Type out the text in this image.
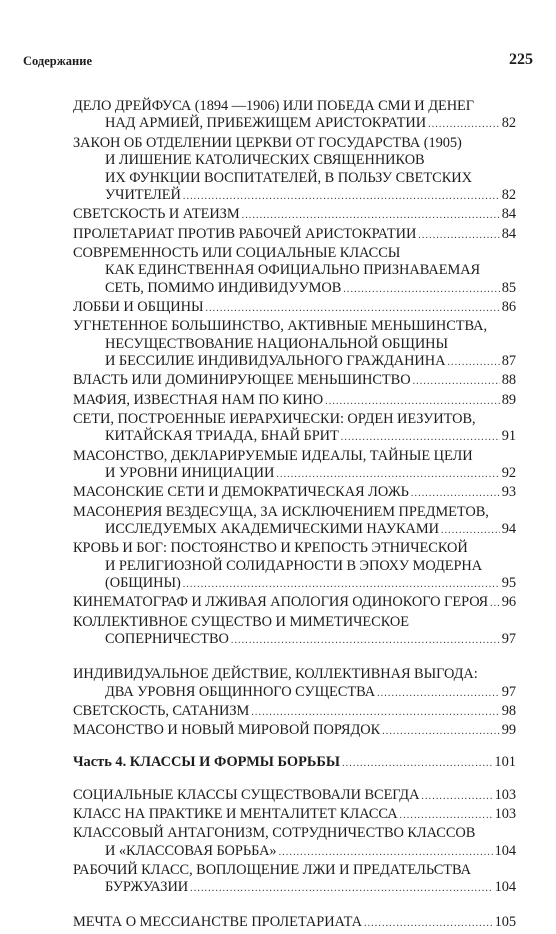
Содержание	225
ДЕЛО ДРЕЙФУСА (1894 —1906) ИЛИ ПОБЕДА СМИ И ДЕНЕГ
НАД АРМИЕЙ, ПРИБЕЖИЩЕМ АРИСТОКРАТИИ .....	82
ЗАКОН ОБ ОТДЕЛЕНИИ ЦЕРКВИ ОТ ГОСУДАРСТВА (1905)
И ЛИШЕНИЕ КАТОЛИЧЕСКИХ СВЯЩЕННИКОВ
ИХ ФУНКЦИИ ВОСПИТАТЕЛЕЙ, В ПОЛЬЗУ СВЕТСКИХ
УЧИТЕЛЕЙ .....	82
СВЕТСКОСТЬ И АТЕИЗМ .....	84
ПРОЛЕТАРИАТ ПРОТИВ РАБОЧЕЙ АРИСТОКРАТИИ .....	84
СОВРЕМЕННОСТЬ ИЛИ СОЦИАЛЬНЫЕ КЛАССЫ
КАК ЕДИНСТВЕННАЯ ОФИЦИАЛЬНО ПРИЗНАВАЕМАЯ
СЕТЬ, ПОМИМО ИНДИВИДУУМОВ .....	85
ЛОББИ И ОБЩИНЫ .....	86
УГНЕТЕННОЕ БОЛЬШИНСТВО, АКТИВНЫЕ МЕНЬШИНСТВА,
НЕСУЩЕСТВОВАНИЕ НАЦИОНАЛЬНОЙ ОБЩИНЫ
И БЕССИЛИЕ ИНДИВИДУАЛЬНОГО ГРАЖДАНИНА .....	87
ВЛАСТЬ ИЛИ ДОМИНИРУЮЩЕЕ МЕНЬШИНСТВО .....	88
МАФИЯ, ИЗВЕСТНАЯ НАМ ПО КИНО .....	89
СЕТИ, ПОСТРОЕННЫЕ ИЕРАРХИЧЕСКИ: ОРДЕН ИЕЗУИТОВ,
КИТАЙСКАЯ ТРИАДА, БНАЙ БРИТ .....	91
МАСОНСТВО, ДЕКЛАРИРУЕМЫЕ ИДЕАЛЫ, ТАЙНЫЕ ЦЕЛИ
И УРОВНИ ИНИЦИАЦИИ .....	92
МАСОНСКИЕ СЕТИ И ДЕМОКРАТИЧЕСКАЯ ЛОЖЬ .....	93
МАСОНЕРИЯ ВЕЗДЕСУЩА, ЗА ИСКЛЮЧЕНИЕМ ПРЕДМЕТОВ,
ИССЛЕДУЕМЫХ АКАДЕМИЧЕСКИМИ НАУКАМИ .....	94
КРОВЬ И БОГ: ПОСТОЯНСТВО И КРЕПОСТЬ ЭТНИЧЕСКОЙ
И РЕЛИГИОЗНОЙ СОЛИДАРНОСТИ В ЭПОХУ МОДЕРНА
(ОБЩИНЫ) .....	95
КИНЕМАТОГРАФ И ЛЖИВАЯ АПОЛОГИЯ ОДИНОКОГО ГЕРОЯ ..... 96
КОЛЛЕКТИВНОЕ СУЩЕСТВО И МИМЕТИЧЕСКОЕ
СОПЕРНИЧЕСТВО .....	97
ИНДИВИДУАЛЬНОЕ ДЕЙСТВИЕ, КОЛЛЕКТИВНАЯ ВЫГОДА:
ДВА УРОВНЯ ОБЩИННОГО СУЩЕСТВА .....	97
СВЕТСКОСТЬ, САТАНИЗМ .....	98
МАСОНСТВО И НОВЫЙ МИРОВОЙ ПОРЯДОК .....	99
Часть 4. КЛАССЫ И ФОРМЫ БОРЬБЫ .....	101
СОЦИАЛЬНЫЕ КЛАССЫ СУЩЕСТВОВАЛИ ВСЕГДА .....	103
КЛАСС НА ПРАКТИКЕ И МЕНТАЛИТЕТ КЛАССА .....	103
КЛАССОВЫЙ АНТАГОНИЗМ, СОТРУДНИЧЕСТВО КЛАССОВ
И «КЛАССОВАЯ БОРЬБА» .....	104
РАБОЧИЙ КЛАСС, ВОПЛОЩЕНИЕ ЛЖИ И ПРЕДАТЕЛЬСТВА
БУРЖУАЗИИ .....	104
МЕЧТА О МЕССИАНСТВЕ ПРОЛЕТАРИАТА .....	105
